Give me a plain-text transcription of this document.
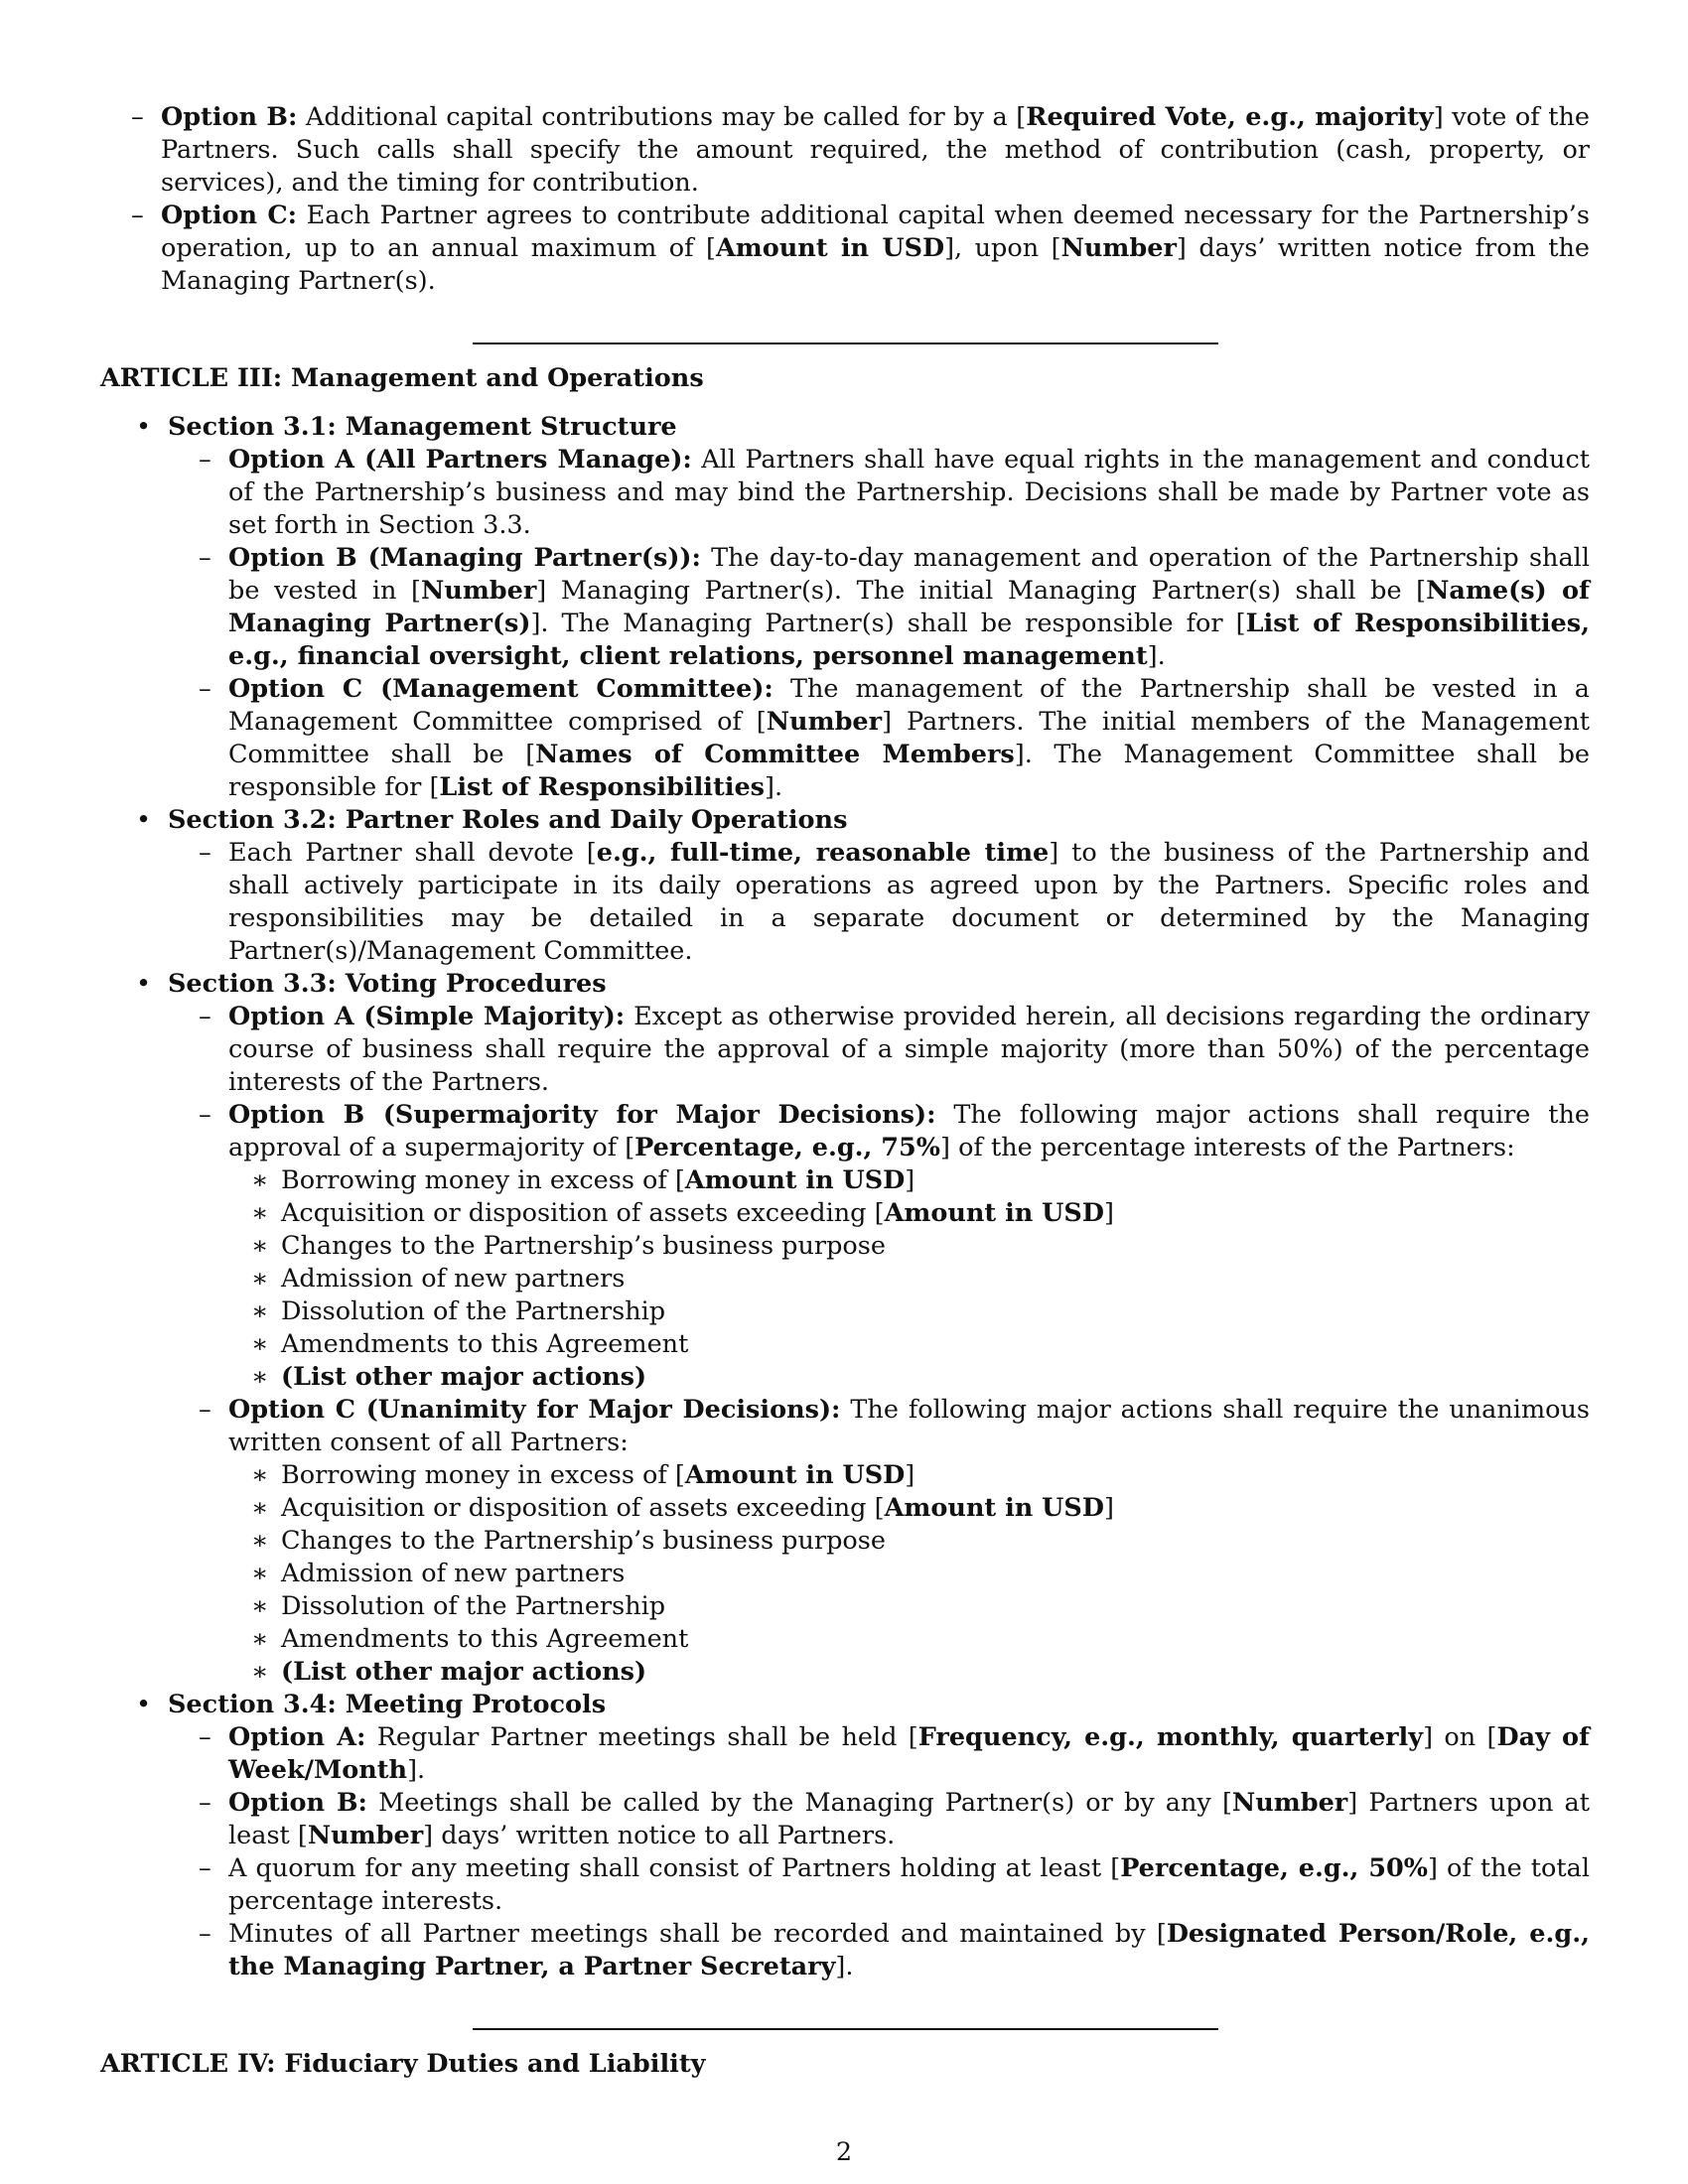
– Option B: Additional capital contributions may be called for by a [Required Vote, e.g., majority] vote of the Partners. Such calls shall specify the amount required, the method of contribution (cash, property, or services), and the timing for contribution.
– Option C: Each Partner agrees to contribute additional capital when deemed necessary for the Partnership’s operation, up to an annual maximum of [Amount in USD], upon [Number] days’ written notice from the Managing Partner(s).

ARTICLE III: Management and Operations

• Section 3.1: Management Structure
– Option A (All Partners Manage): All Partners shall have equal rights in the management and conduct of the Partnership’s business and may bind the Partnership. Decisions shall be made by Partner vote as set forth in Section 3.3.
– Option B (Managing Partner(s)): The day-to-day management and operation of the Partnership shall be vested in [Number] Managing Partner(s). The initial Managing Partner(s) shall be [Name(s) of Managing Partner(s)]. The Managing Partner(s) shall be responsible for [List of Responsibilities, e.g., financial oversight, client relations, personnel management].
– Option C (Management Committee): The management of the Partnership shall be vested in a Management Committee comprised of [Number] Partners. The initial members of the Management Committee shall be [Names of Committee Members]. The Management Committee shall be responsible for [List of Responsibilities].
• Section 3.2: Partner Roles and Daily Operations
– Each Partner shall devote [e.g., full-time, reasonable time] to the business of the Partnership and shall actively participate in its daily operations as agreed upon by the Partners. Specific roles and responsibilities may be detailed in a separate document or determined by the Managing Partner(s)/Management Committee.
• Section 3.3: Voting Procedures
– Option A (Simple Majority): Except as otherwise provided herein, all decisions regarding the ordinary course of business shall require the approval of a simple majority (more than 50%) of the percentage interests of the Partners.
– Option B (Supermajority for Major Decisions): The following major actions shall require the approval of a supermajority of [Percentage, e.g., 75%] of the percentage interests of the Partners:
∗ Borrowing money in excess of [Amount in USD]
∗ Acquisition or disposition of assets exceeding [Amount in USD]
∗ Changes to the Partnership’s business purpose
∗ Admission of new partners
∗ Dissolution of the Partnership
∗ Amendments to this Agreement
∗ (List other major actions)
– Option C (Unanimity for Major Decisions): The following major actions shall require the unanimous written consent of all Partners:
∗ Borrowing money in excess of [Amount in USD]
∗ Acquisition or disposition of assets exceeding [Amount in USD]
∗ Changes to the Partnership’s business purpose
∗ Admission of new partners
∗ Dissolution of the Partnership
∗ Amendments to this Agreement
∗ (List other major actions)
• Section 3.4: Meeting Protocols
– Option A: Regular Partner meetings shall be held [Frequency, e.g., monthly, quarterly] on [Day of Week/Month].
– Option B: Meetings shall be called by the Managing Partner(s) or by any [Number] Partners upon at least [Number] days’ written notice to all Partners.
– A quorum for any meeting shall consist of Partners holding at least [Percentage, e.g., 50%] of the total percentage interests.
– Minutes of all Partner meetings shall be recorded and maintained by [Designated Person/Role, e.g., the Managing Partner, a Partner Secretary].

ARTICLE IV: Fiduciary Duties and Liability

2
